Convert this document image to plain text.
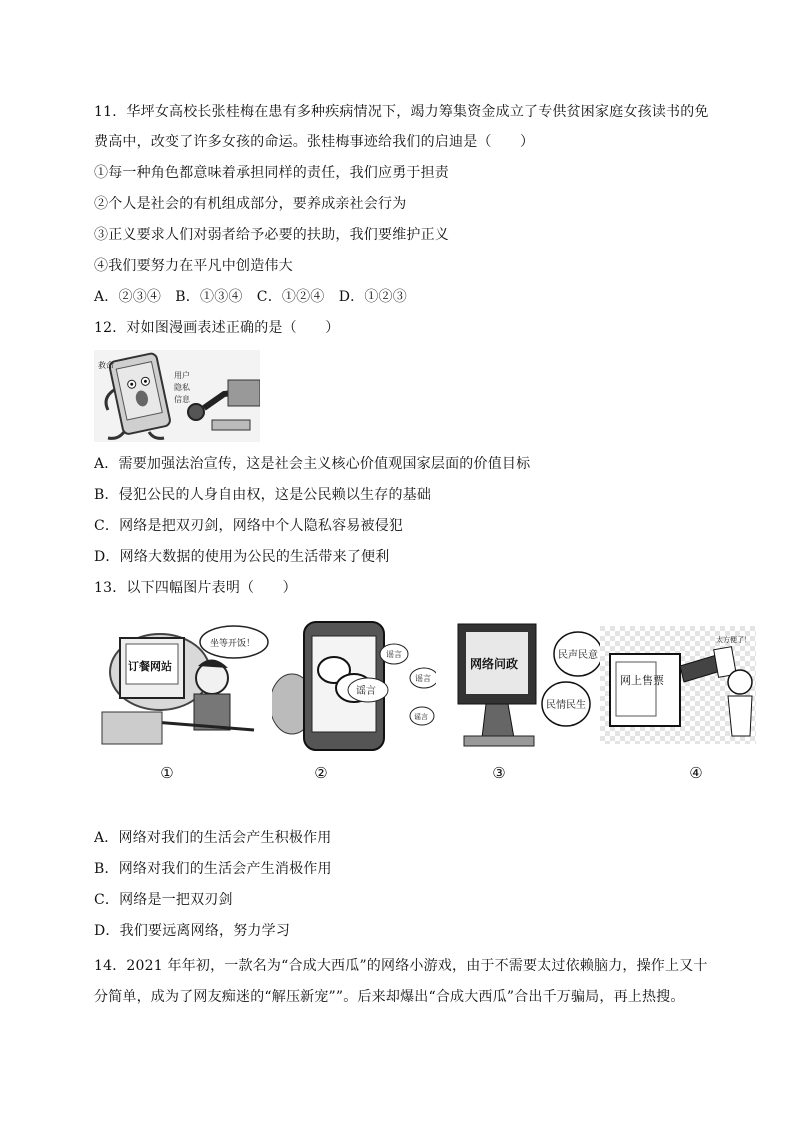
11．华坪女高校长张桂梅在患有多种疾病情况下，竭力筹集资金成立了专供贫困家庭女孩读书的免
费高中，改变了许多女孩的命运。张桂梅事迹给我们的启迪是（　　）
①每一种角色都意味着承担同样的责任，我们应勇于担责
②个人是社会的有机组成部分，要养成亲社会行为
③正义要求人们对弱者给予必要的扶助，我们要维护正义
④我们要努力在平凡中创造伟大
A．②③④　B．①③④　C．①②④　D．①②③
12．对如图漫画表述正确的是（　　）
救命
用户
隐私
信息
A．需要加强法治宣传，这是社会主义核心价值观国家层面的价值目标
B．侵犯公民的人身自由权，这是公民赖以生存的基础
C．网络是把双刃剑，网络中个人隐私容易被侵犯
D．网络大数据的使用为公民的生活带来了便利
13．以下四幅图片表明（　　）
坐等开饭！
订餐网站
谣言
谣言
谣言
谣言
网络问政
民声民意
民情民生
网上售票
太方便了！
①	②	③	④
A．网络对我们的生活会产生积极作用
B．网络对我们的生活会产生消极作用
C．网络是一把双刃剑
D．我们要远离网络，努力学习
14．2021 年年初，一款名为“合成大西瓜”的网络小游戏，由于不需要太过依赖脑力，操作上又十
分简单，成为了网友痴迷的“解压新宠””。后来却爆出“合成大西瓜”合出千万骗局，再上热搜。
